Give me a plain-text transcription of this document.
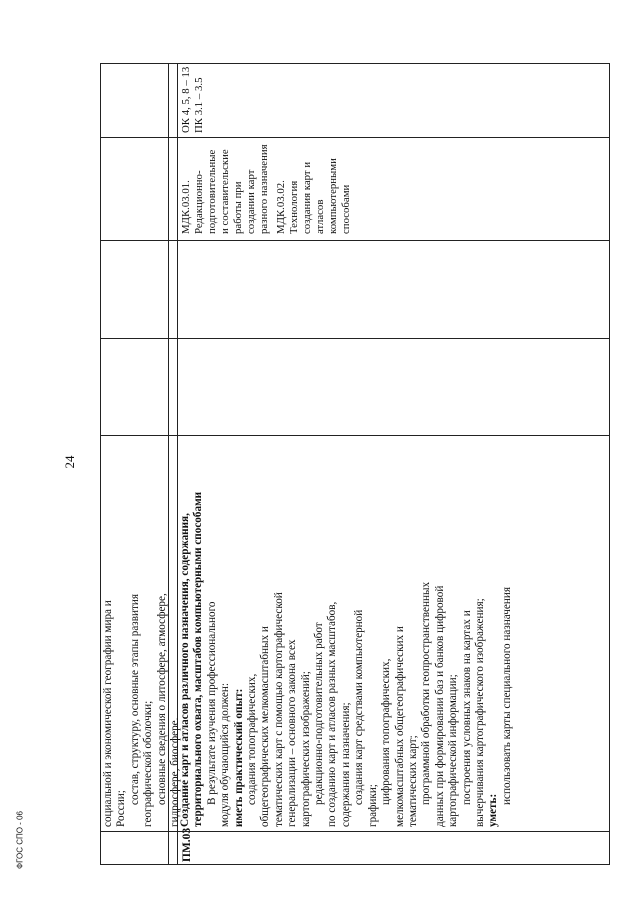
24
ФГОС СПО - 06

социальной и экономической географии мира и России;

состав, структуру, основные этапы развития географической оболочки; основные сведения о литосфере, атмосфере, гидросфере, биосфере.

ПМ.03

Создание карт и атласов различного назначения, содержания, территориального охвата, масштабов компьютерными способами В результате изучения профессионального модуля обучающийся должен: иметь практический опыт: создания топографических, общегеографических мелкомасштабных и тематических карт с помощью картографической генерализации – основного закона всех картографических изображений; редакционно-подготовительных работ по созданию карт и атласов разных масштабов, содержания и назначения; создания карт средствами компьютерной

графики;

цифрования топографических, мелкомасштабных общегеографических и тематических карт; программной обработки геопространственных данных при формировании баз и банков цифровой картографической информации; построения условных знаков на картах и вычерчивания картографического изображения; уметь:

использовать карты специального назначения

МДК.03.01. Редакционно-подготовительные и составительские работы при создании карт разного назначения МДК.03.02. Технология создания карт и атласов компьютерными способами

ОК 4, 5, 8 – 13 ПК 3.1 – 3.5
